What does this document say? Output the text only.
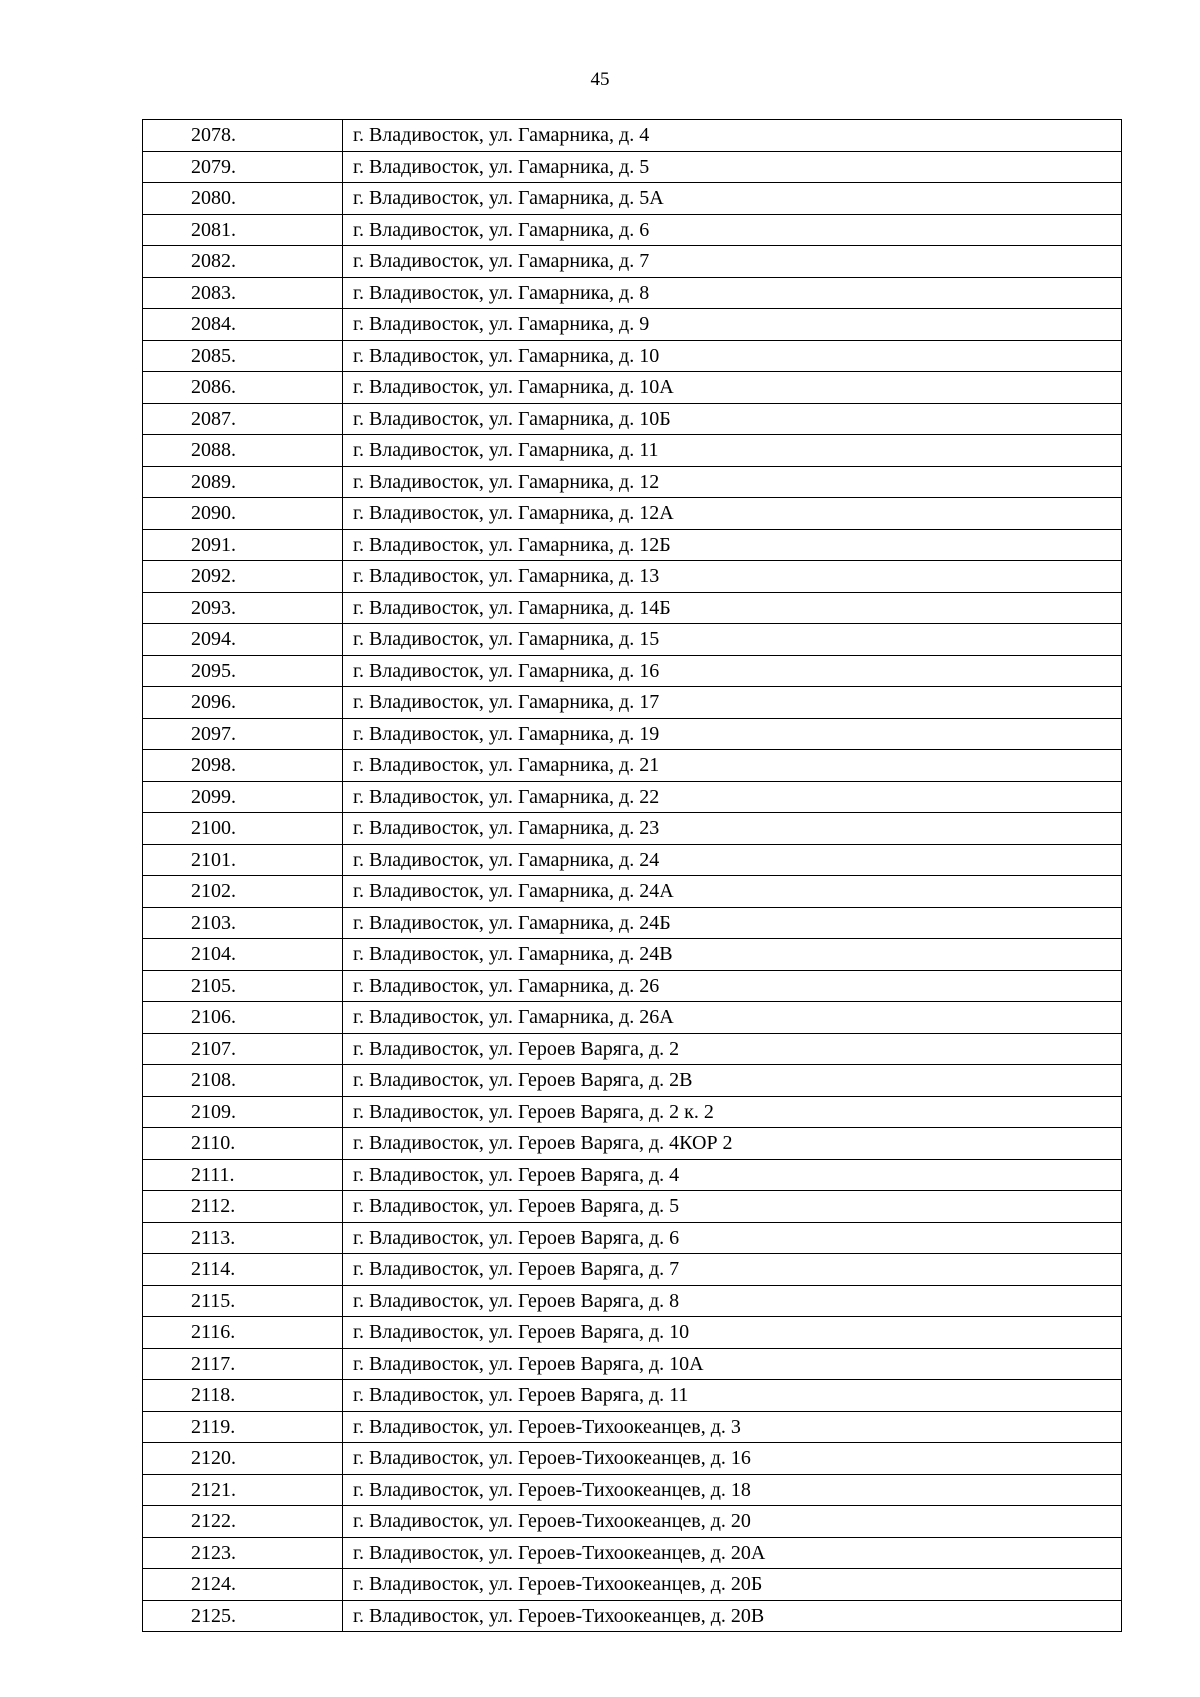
45
2078.	г. Владивосток, ул. Гамарника, д. 4
2079.	г. Владивосток, ул. Гамарника, д. 5
2080.	г. Владивосток, ул. Гамарника, д. 5А
2081.	г. Владивосток, ул. Гамарника, д. 6
2082.	г. Владивосток, ул. Гамарника, д. 7
2083.	г. Владивосток, ул. Гамарника, д. 8
2084.	г. Владивосток, ул. Гамарника, д. 9
2085.	г. Владивосток, ул. Гамарника, д. 10
2086.	г. Владивосток, ул. Гамарника, д. 10А
2087.	г. Владивосток, ул. Гамарника, д. 10Б
2088.	г. Владивосток, ул. Гамарника, д. 11
2089.	г. Владивосток, ул. Гамарника, д. 12
2090.	г. Владивосток, ул. Гамарника, д. 12А
2091.	г. Владивосток, ул. Гамарника, д. 12Б
2092.	г. Владивосток, ул. Гамарника, д. 13
2093.	г. Владивосток, ул. Гамарника, д. 14Б
2094.	г. Владивосток, ул. Гамарника, д. 15
2095.	г. Владивосток, ул. Гамарника, д. 16
2096.	г. Владивосток, ул. Гамарника, д. 17
2097.	г. Владивосток, ул. Гамарника, д. 19
2098.	г. Владивосток, ул. Гамарника, д. 21
2099.	г. Владивосток, ул. Гамарника, д. 22
2100.	г. Владивосток, ул. Гамарника, д. 23
2101.	г. Владивосток, ул. Гамарника, д. 24
2102.	г. Владивосток, ул. Гамарника, д. 24А
2103.	г. Владивосток, ул. Гамарника, д. 24Б
2104.	г. Владивосток, ул. Гамарника, д. 24В
2105.	г. Владивосток, ул. Гамарника, д. 26
2106.	г. Владивосток, ул. Гамарника, д. 26А
2107.	г. Владивосток, ул. Героев Варяга, д. 2
2108.	г. Владивосток, ул. Героев Варяга, д. 2В
2109.	г. Владивосток, ул. Героев Варяга, д. 2 к. 2
2110.	г. Владивосток, ул. Героев Варяга, д. 4КОР 2
2111.	г. Владивосток, ул. Героев Варяга, д. 4
2112.	г. Владивосток, ул. Героев Варяга, д. 5
2113.	г. Владивосток, ул. Героев Варяга, д. 6
2114.	г. Владивосток, ул. Героев Варяга, д. 7
2115.	г. Владивосток, ул. Героев Варяга, д. 8
2116.	г. Владивосток, ул. Героев Варяга, д. 10
2117.	г. Владивосток, ул. Героев Варяга, д. 10А
2118.	г. Владивосток, ул. Героев Варяга, д. 11
2119.	г. Владивосток, ул. Героев-Тихоокеанцев, д. 3
2120.	г. Владивосток, ул. Героев-Тихоокеанцев, д. 16
2121.	г. Владивосток, ул. Героев-Тихоокеанцев, д. 18
2122.	г. Владивосток, ул. Героев-Тихоокеанцев, д. 20
2123.	г. Владивосток, ул. Героев-Тихоокеанцев, д. 20А
2124.	г. Владивосток, ул. Героев-Тихоокеанцев, д. 20Б
2125.	г. Владивосток, ул. Героев-Тихоокеанцев, д. 20В
